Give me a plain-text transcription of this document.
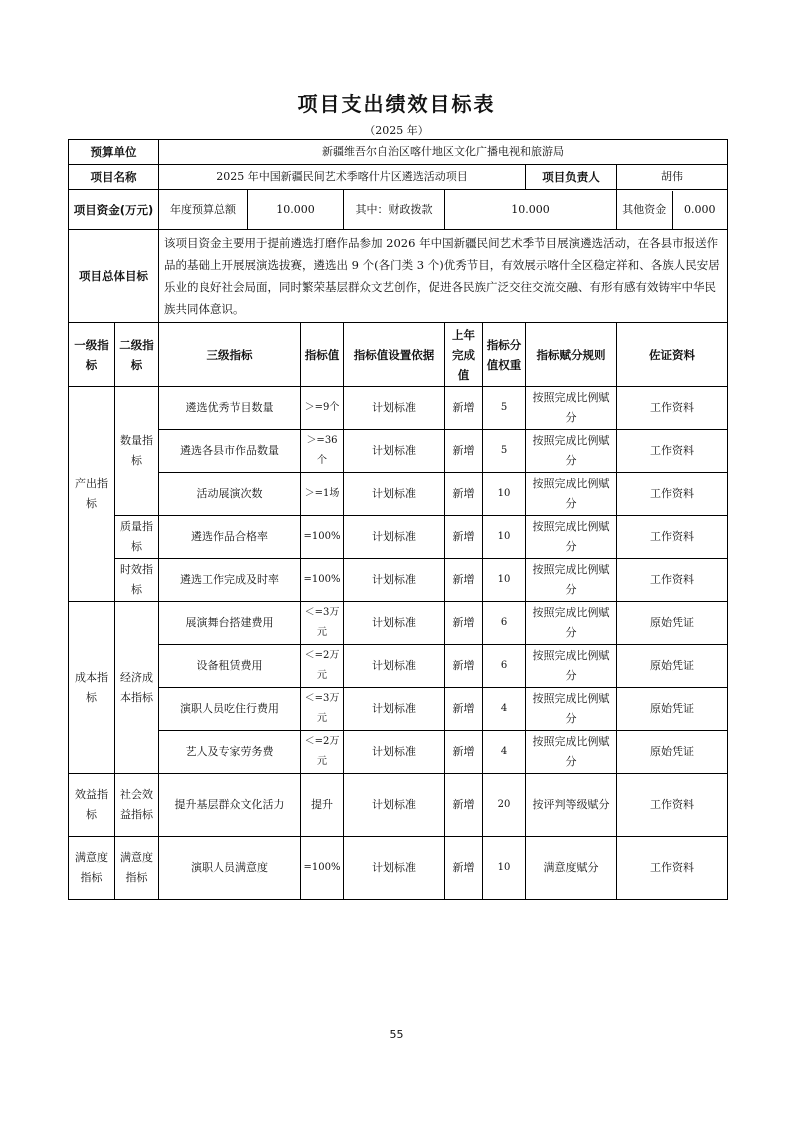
项目支出绩效目标表
（2025 年）
预算单位		新疆维吾尔自治区喀什地区文化广播电视和旅游局							
项目名称		2025 年中国新疆民间艺术季喀什片区遴选活动项目						项目负责人	胡伟
项目资金(万元)		年度预算总额	10.000		其中：财政拨款	10.000			其他资金 0.000

项目总体目标		该项目资金主要用于提前遴选打磨作品参加 2026 年中国新疆民间艺术季节目展演遴选活动，在各县市报送作品的基础上开展展演选拔赛，遴选出 9 个(各门类 3 个)优秀节目，有效展示喀什全区稳定祥和、各族人民安居乐业的良好社会局面，同时繁荣基层群众文艺创作，促进各民族广泛交往交流交融、有形有感有效铸牢中华民族共同体意识。							
一级指标	二级指标	三级指标		指标值	指标值设置依据	上年完成值	指标分值权重	指标赋分规则	佐证资料
产出指标	数量指标	遴选优秀节目数量		＞=9个	计划标准	新增	5	按照完成比例赋分	工作资料
		遴选各县市作品数量		＞=36个	计划标准	新增	5	按照完成比例赋分	工作资料
		活动展演次数		＞=1场	计划标准	新增	10	按照完成比例赋分	工作资料
	质量指标	遴选作品合格率		=100%	计划标准	新增	10	按照完成比例赋分	工作资料
	时效指标	遴选工作完成及时率		=100%	计划标准	新增	10	按照完成比例赋分	工作资料
成本指标	经济成本指标	展演舞台搭建费用		＜=3万元	计划标准	新增	6	按照完成比例赋分	原始凭证
		设备租赁费用		＜=2万元	计划标准	新增	6	按照完成比例赋分	原始凭证
		演职人员吃住行费用		＜=3万元	计划标准	新增	4	按照完成比例赋分	原始凭证
		艺人及专家劳务费		＜=2万元	计划标准	新增	4	按照完成比例赋分	原始凭证
效益指标	社会效益指标	提升基层群众文化活力		提升	计划标准	新增	20	按评判等级赋分	工作资料
满意度指标	满意度指标	演职人员满意度		=100%	计划标准	新增	10	满意度赋分	工作资料
55
